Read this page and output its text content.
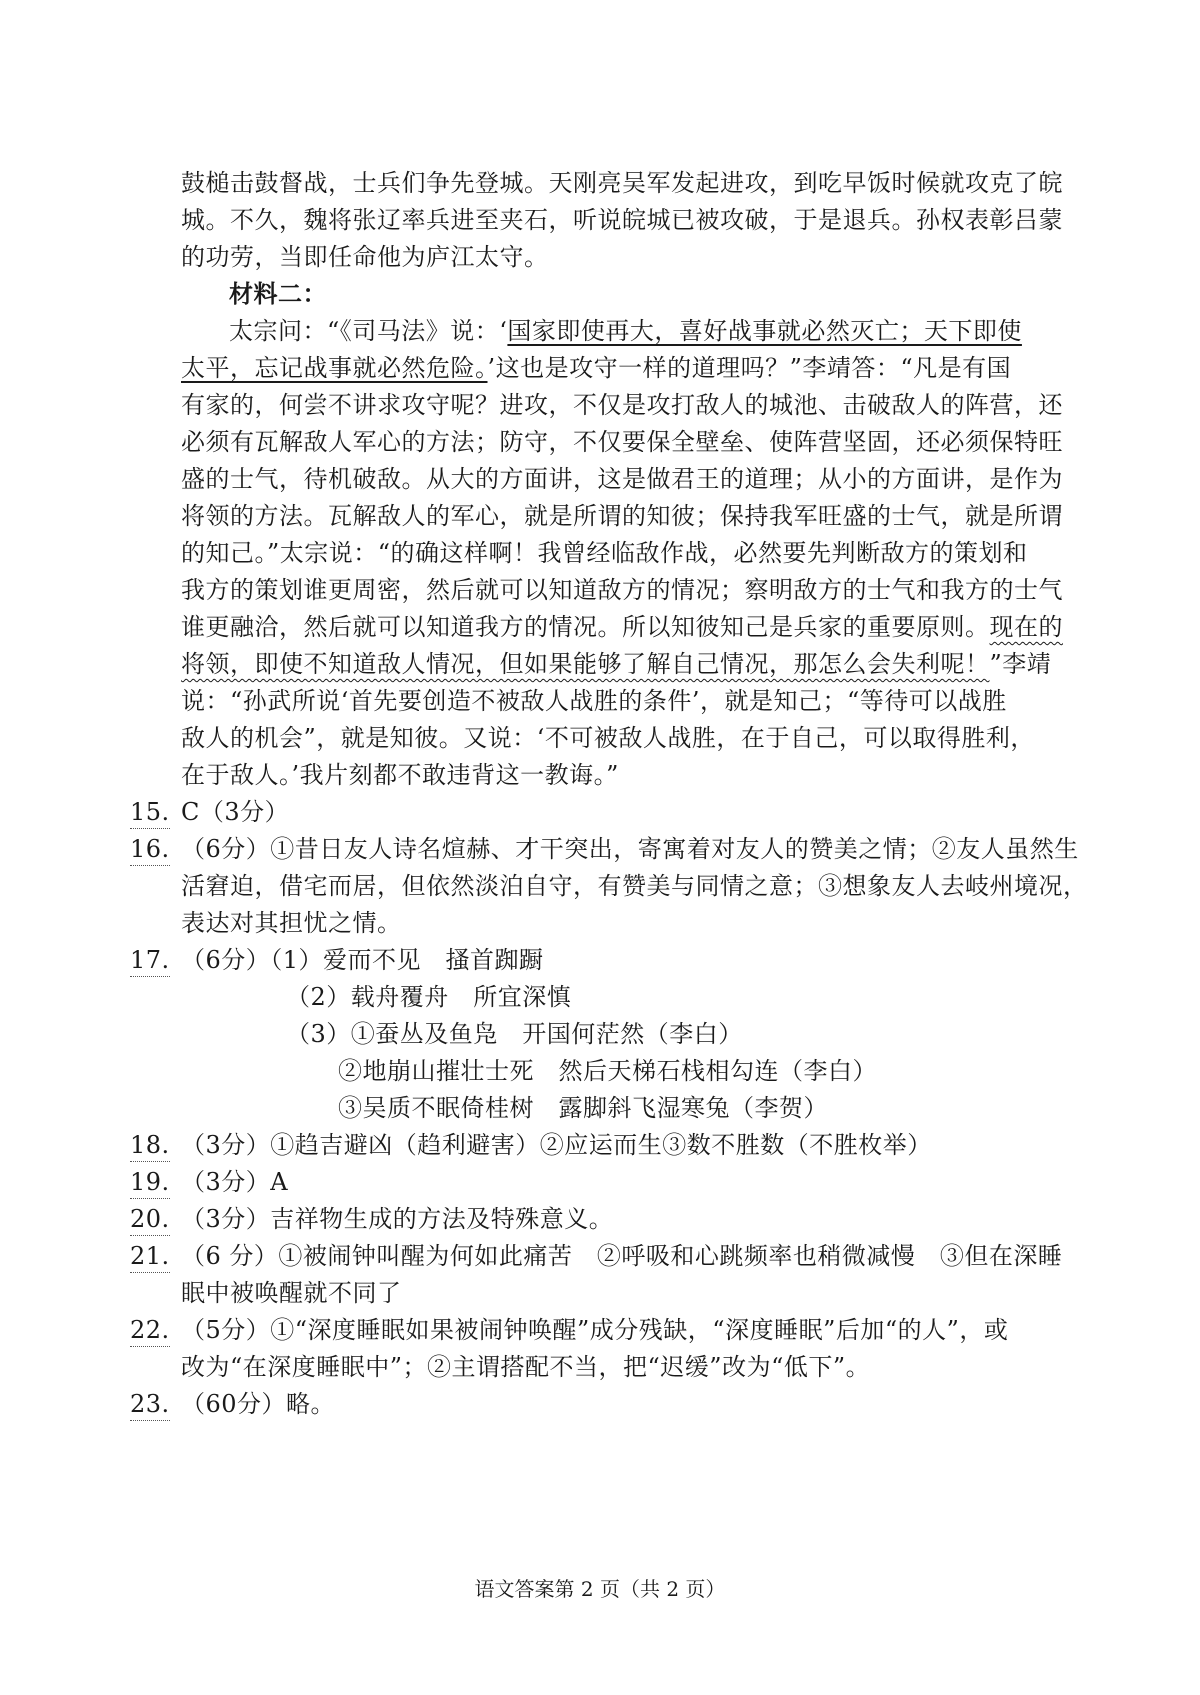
鼓槌击鼓督战，士兵们争先登城。天刚亮吴军发起进攻，到吃早饭时候就攻克了皖
城。不久，魏将张辽率兵进至夹石，听说皖城已被攻破，于是退兵。孙权表彰吕蒙
的功劳，当即任命他为庐江太守。
材料二：
太宗问：“《司马法》说：‘国家即使再大，喜好战事就必然灭亡；天下即使
太平，忘记战事就必然危险。’这也是攻守一样的道理吗？”李靖答：“凡是有国
有家的，何尝不讲求攻守呢？进攻，不仅是攻打敌人的城池、击破敌人的阵营，还
必须有瓦解敌人军心的方法；防守，不仅要保全壁垒、使阵营坚固，还必须保特旺
盛的士气，待机破敌。从大的方面讲，这是做君王的道理；从小的方面讲，是作为
将领的方法。瓦解敌人的军心，就是所谓的知彼；保持我军旺盛的士气，就是所谓
的知己。”太宗说：“的确这样啊！我曾经临敌作战，必然要先判断敌方的策划和
我方的策划谁更周密，然后就可以知道敌方的情况；察明敌方的士气和我方的士气
谁更融洽，然后就可以知道我方的情况。所以知彼知己是兵家的重要原则。现在的
将领，即使不知道敌人情况，但如果能够了解自己情况，那怎么会失利呢！”李靖
说：“孙武所说‘首先要创造不被敌人战胜的条件’，就是知己；“等待可以战胜
敌人的机会”，就是知彼。又说：‘不可被敌人战胜，在于自己，可以取得胜利，
在于敌人。’我片刻都不敢违背这一教诲。”
15. C（3分）
16. （6分）①昔日友人诗名煊赫、才干突出，寄寓着对友人的赞美之情；②友人虽然生
活窘迫，借宅而居，但依然淡泊自守，有赞美与同情之意；③想象友人去岐州境况，
表达对其担忧之情。
17. （6分）（1）爱而不见　搔首踟蹰
（2）载舟覆舟　所宜深慎
（3）①蚕丛及鱼凫　开国何茫然（李白）
②地崩山摧壮士死　然后天梯石栈相勾连（李白）
③吴质不眠倚桂树　露脚斜飞湿寒兔（李贺）
18. （3分）①趋吉避凶（趋利避害）②应运而生③数不胜数（不胜枚举）
19. （3分）A
20. （3分）吉祥物生成的方法及特殊意义。
21. （6 分）①被闹钟叫醒为何如此痛苦　②呼吸和心跳频率也稍微减慢　③但在深睡
眠中被唤醒就不同了
22. （5分）①“深度睡眠如果被闹钟唤醒”成分残缺，“深度睡眠”后加“的人”，或
改为“在深度睡眠中”；②主谓搭配不当，把“迟缓”改为“低下”。
23. （60分）略。
语文答案第 2 页（共 2 页）
